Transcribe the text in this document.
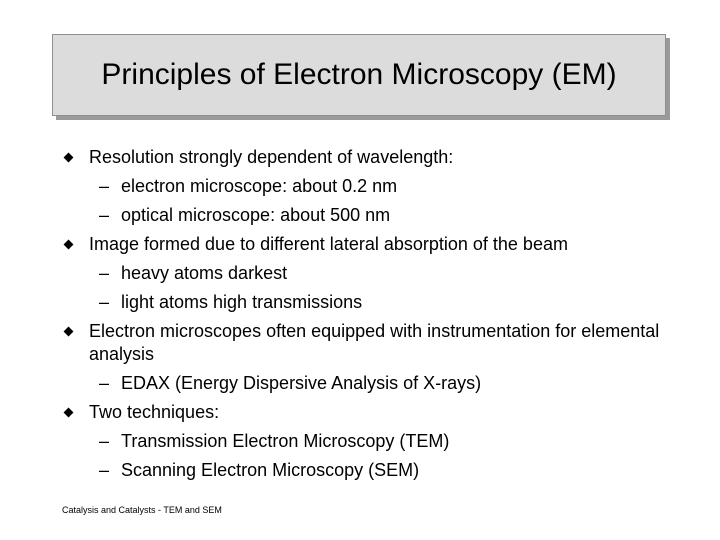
Principles of Electron Microscopy (EM)
Resolution strongly dependent of wavelength:
– electron microscope: about 0.2 nm
– optical microscope: about 500 nm
Image formed due to different lateral absorption of the beam
– heavy atoms darkest
– light atoms high transmissions
Electron microscopes often equipped with instrumentation for elemental analysis
– EDAX (Energy Dispersive Analysis of X-rays)
Two techniques:
– Transmission Electron Microscopy (TEM)
– Scanning Electron Microscopy (SEM)
Catalysis and Catalysts - TEM and SEM
